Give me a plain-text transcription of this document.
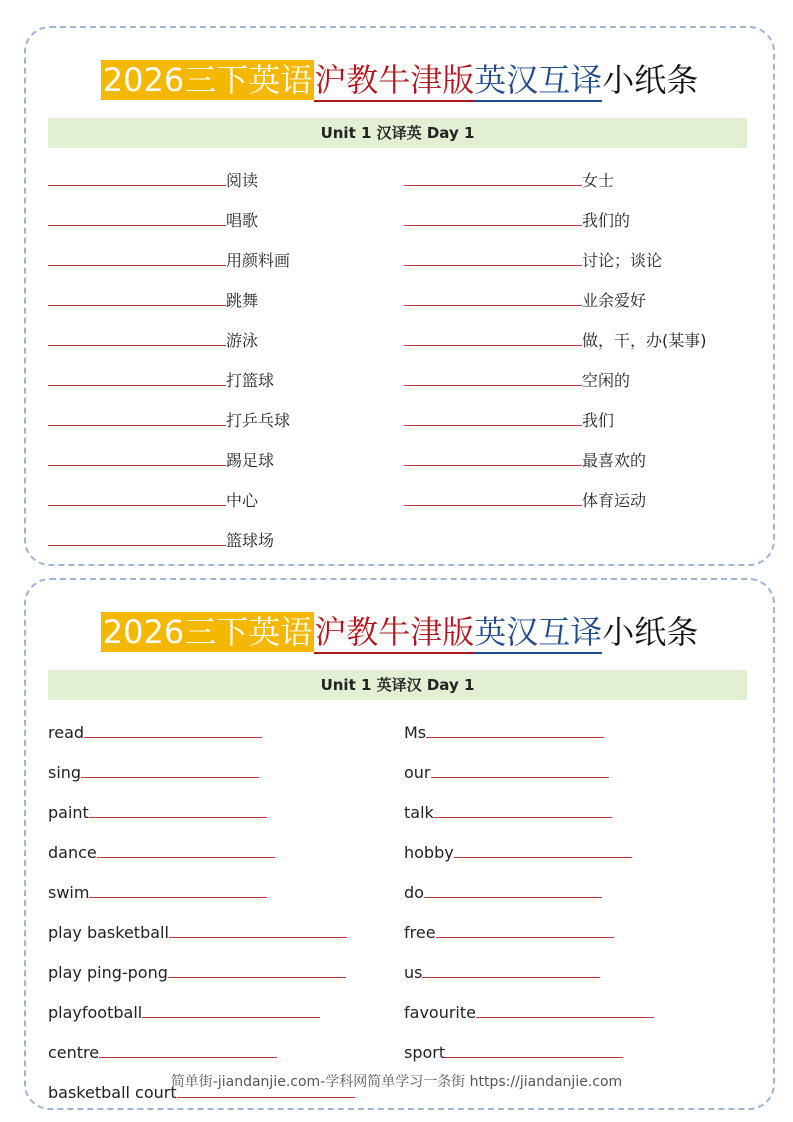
2026三下英语沪教牛津版英汉互译小纸条
Unit 1 汉译英 Day 1
阅读
唱歌
用颜料画
跳舞
游泳
打篮球
打乒乓球
踢足球
中心
篮球场
女士
我们的
讨论；谈论
业余爱好
做，干，办(某事)
空闲的
我们
最喜欢的
体育运动
2026三下英语沪教牛津版英汉互译小纸条
Unit 1 英译汉 Day 1
read
sing
paint
dance
swim
play basketball
play ping-pong
playfootball
centre
basketball court
Ms
our
talk
hobby
do
free
us
favourite
sport
简单街-jiandanjie.com-学科网简单学习一条街 https://jiandanjie.com
